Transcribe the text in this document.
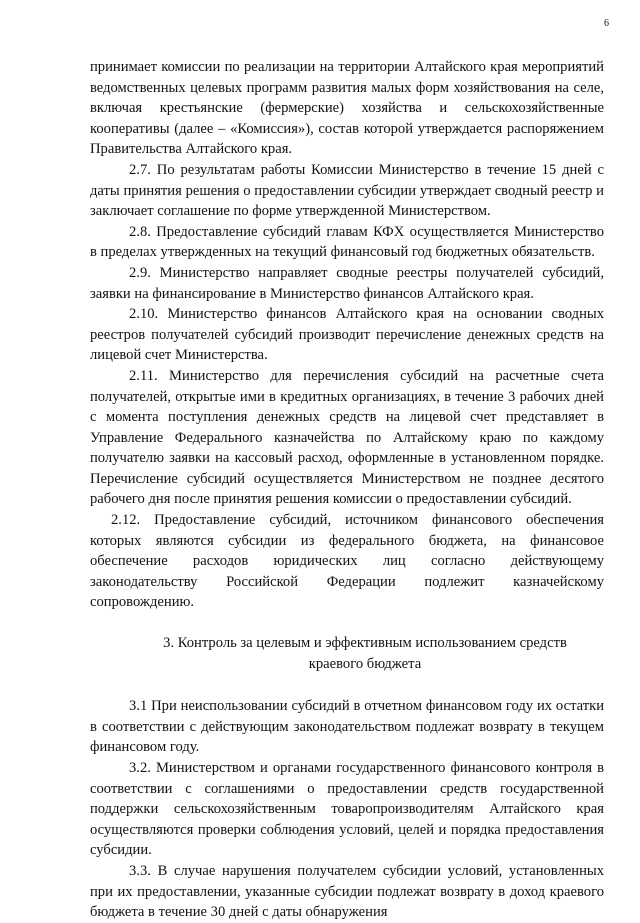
6

принимает комиссии по реализации на территории Алтайского края мероприятий ведомственных целевых программ развития малых форм хозяйствования на селе, включая крестьянские (фермерские) хозяйства и сельскохозяйственные кооперативы (далее – «Комиссия»), состав которой утверждается распоряжением Правительства Алтайского края.

2.7. По результатам работы Комиссии Министерство в течение 15 дней с даты принятия решения о предоставлении субсидии утверждает сводный реестр и заключает соглашение по форме утвержденной Министерством.

2.8. Предоставление субсидий главам КФХ осуществляется Министерство в пределах утвержденных на текущий финансовый год бюджетных обязательств.

2.9. Министерство направляет сводные реестры получателей субсидий, заявки на финансирование в Министерство финансов Алтайского края.

2.10. Министерство финансов Алтайского края на основании сводных реестров получателей субсидий производит перечисление денежных средств на лицевой счет Министерства.

2.11. Министерство для перечисления субсидий на расчетные счета получателей, открытые ими в кредитных организациях, в течение 3 рабочих дней с момента поступления денежных средств на лицевой счет представляет в Управление Федерального казначейства по Алтайскому краю по каждому получателю заявки на кассовый расход, оформленные в установленном порядке. Перечисление субсидий осуществляется Министерством не позднее десятого рабочего дня после принятия решения комиссии о предоставлении субсидий.

2.12. Предоставление субсидий, источником финансового обеспечения которых являются субсидии из федерального бюджета, на финансовое обеспечение расходов юридических лиц согласно действующему законодательству Российской Федерации подлежит казначейскому сопровождению.

3. Контроль за целевым и эффективным использованием средств
краевого бюджета

3.1 При неиспользовании субсидий в отчетном финансовом году их остатки в соответствии с действующим законодательством подлежат возврату в текущем финансовом году.

3.2. Министерством и органами государственного финансового контроля в соответствии с соглашениями о предоставлении средств государственной поддержки сельскохозяйственным товаропроизводителям Алтайского края осуществляются проверки соблюдения условий, целей и порядка предоставления субсидии.

3.3. В случае нарушения получателем субсидии условий, установленных при их предоставлении, указанные субсидии подлежат возврату в доход краевого бюджета в течение 30 дней с даты обнаружения
